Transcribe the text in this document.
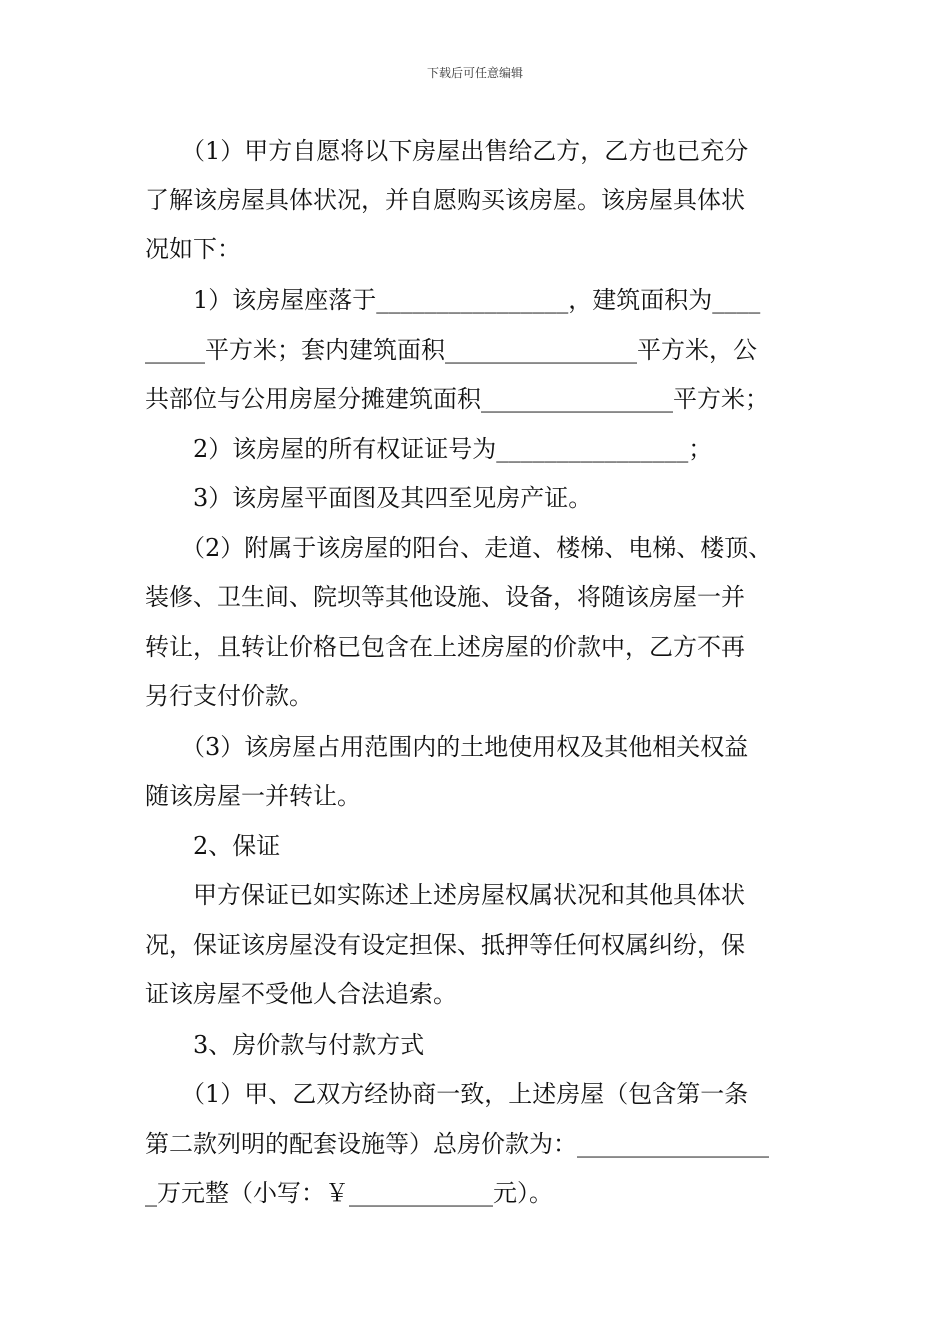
下载后可任意编辑
　　（1）甲方自愿将以下房屋出售给乙方，乙方也已充分
了解该房屋具体状况，并自愿购买该房屋。该房屋具体状
况如下：
　　1）该房屋座落于________________，建筑面积为____
_____平方米；套内建筑面积________________平方米，公
共部位与公用房屋分摊建筑面积________________平方米；
　　2）该房屋的所有权证证号为________________；
　　3）该房屋平面图及其四至见房产证。
　　（2）附属于该房屋的阳台、走道、楼梯、电梯、楼顶、
装修、卫生间、院坝等其他设施、设备，将随该房屋一并
转让，且转让价格已包含在上述房屋的价款中，乙方不再
另行支付价款。
　　（3）该房屋占用范围内的土地使用权及其他相关权益
随该房屋一并转让。
　　2、保证
　　甲方保证已如实陈述上述房屋权属状况和其他具体状
况，保证该房屋没有设定担保、抵押等任何权属纠纷，保
证该房屋不受他人合法追索。
　　3、房价款与付款方式
　　（1）甲、乙双方经协商一致，上述房屋（包含第一条
第二款列明的配套设施等）总房价款为：________________
_万元整（小写：￥____________元）。
